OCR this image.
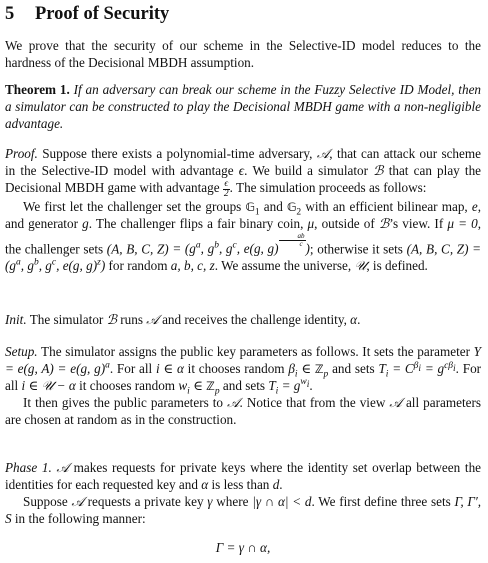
5 Proof of Security

We prove that the security of our scheme in the Selective-ID model reduces to the hardness of the Decisional MBDH assumption.

Theorem 1. If an adversary can break our scheme in the Fuzzy Selective ID Model, then a simulator can be constructed to play the Decisional MBDH game with a non-negligible advantage.

Proof. Suppose there exists a polynomial-time adversary, 𝒜, that can attack our scheme in the Selective-ID model with advantage ϵ. We build a simulator ℬ that can play the Decisional MBDH game with advantage $\frac{\epsilon}{2}$ . The simulation proceeds as follows:

We first let the challenger set the groups 𝔾$_1$ and 𝔾$_2$ with an efficient bilinear map, e, and generator g. The challenger flips a fair binary coin, μ, outside of ℬ’s view. If μ = 0, the challenger sets (A, B, C, $Z) = (g^a$, $g^b$, $g^c$, e(g, g)
$^{\frac{ab}{c}}$
); otherwise it sets (A, B, C, $Z) = (g^a$, $g^b$, $g^c$, e(g, g)$^z$) for random a, b, c, z. We assume the universe, 𝒰, is defined.

Init. The simulator ℬ runs 𝒜 and receives the challenge identity, α.

Setup. The simulator assigns the public key parameters as follows. It sets the parameter Y = e(g, A) = e(g, g)$^a$. For all i ∈ α it chooses random $\beta_i$ ∈ ℤ$_p$ and sets $T_i = C^{\beta_i} = g^{c\beta_i}$. For all i ∈ 𝒰 − α it chooses random $w_i$ ∈ ℤ$_p$ and sets $T_i = g^{w_i}$.

It then gives the public parameters to 𝒜. Notice that from the view 𝒜 all parameters are chosen at random as in the construction.

Phase 1. 𝒜 makes requests for private keys where the identity set overlap between the identities for each requested key and α is less than d.

Suppose 𝒜 requests a private key γ where |γ ∩ α| < d. We first define three sets Γ, Γ′, S in the following manner:

Γ = γ ∩ α,
